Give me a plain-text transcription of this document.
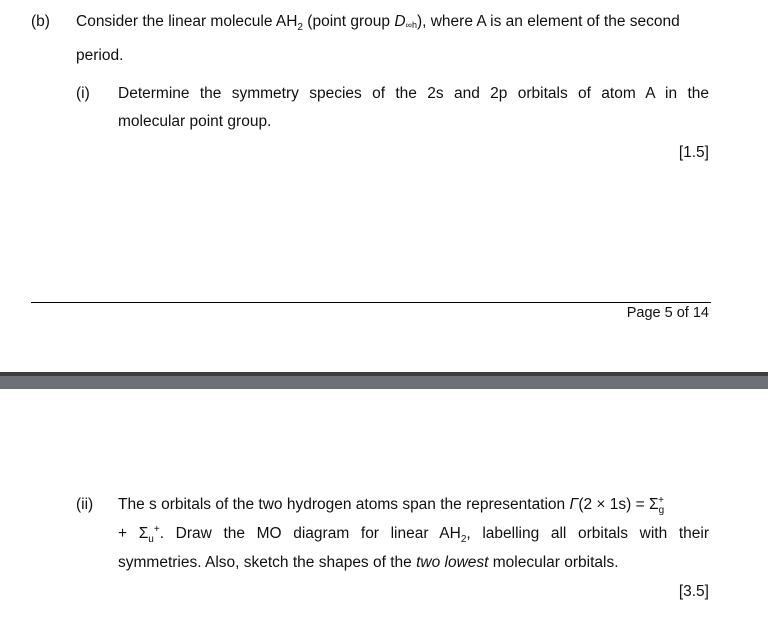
(b) Consider the linear molecule $AH_2$ (point group D∞h), where A is an element of the second
period.
(i) Determine the symmetry species of the 2s and 2p orbitals of atom A in the
molecular point group.
[1.5]
Page 5 of 14
(ii) The s orbitals of the two hydrogen atoms span the representation $\Gamma(2 \times 1s) = \Sigma_g^+$
+ $\Sigma_u^+$. Draw the MO diagram for linear $AH_2$, labelling all orbitals with their
symmetries. Also, sketch the shapes of the two lowest molecular orbitals.
[3.5]
